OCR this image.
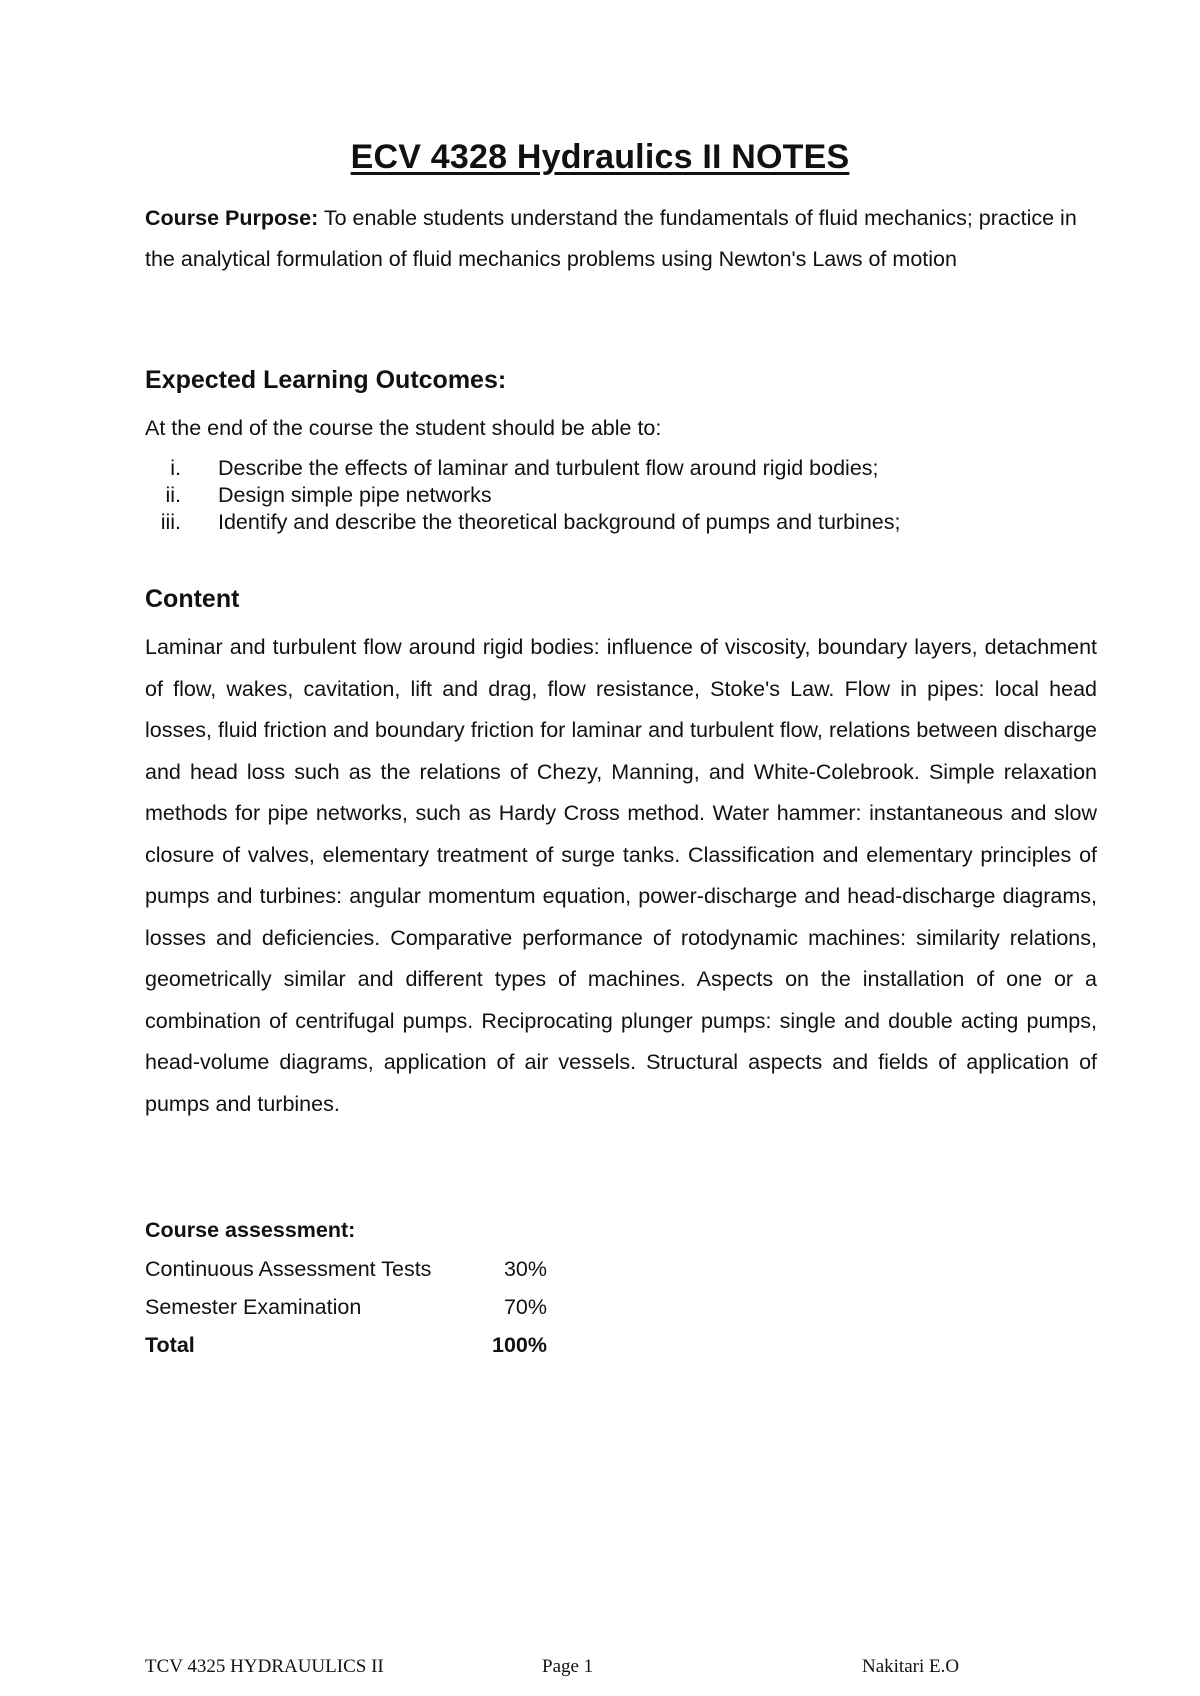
ECV 4328 Hydraulics II NOTES
Course Purpose: To enable students understand the fundamentals of fluid mechanics; practice in the analytical formulation of fluid mechanics problems using Newton's Laws of motion
Expected Learning Outcomes:
At the end of the course the student should be able to:
i. Describe the effects of laminar and turbulent flow around rigid bodies;
ii. Design simple pipe networks
iii. Identify and describe the theoretical background of pumps and turbines;
Content
Laminar and turbulent flow around rigid bodies: influence of viscosity, boundary layers, detachment of flow, wakes, cavitation, lift and drag, flow resistance, Stoke's Law. Flow in pipes: local head losses, fluid friction and boundary friction for laminar and turbulent flow, relations between discharge and head loss such as the relations of Chezy, Manning, and White-Colebrook. Simple relaxation methods for pipe networks, such as Hardy Cross method. Water hammer: instantaneous and slow closure of valves, elementary treatment of surge tanks. Classification and elementary principles of pumps and turbines: angular momentum equation, power-discharge and head-discharge diagrams, losses and deficiencies. Comparative performance of rotodynamic machines: similarity relations, geometrically similar and different types of machines. Aspects on the installation of one or a combination of centrifugal pumps. Reciprocating plunger pumps: single and double acting pumps, head-volume diagrams, application of air vessels. Structural aspects and fields of application of pumps and turbines.
Course assessment:
Continuous Assessment Tests	30%
Semester Examination	70%
Total	100%
TCV 4325 HYDRAUULICS II	Page 1	Nakitari E.O
